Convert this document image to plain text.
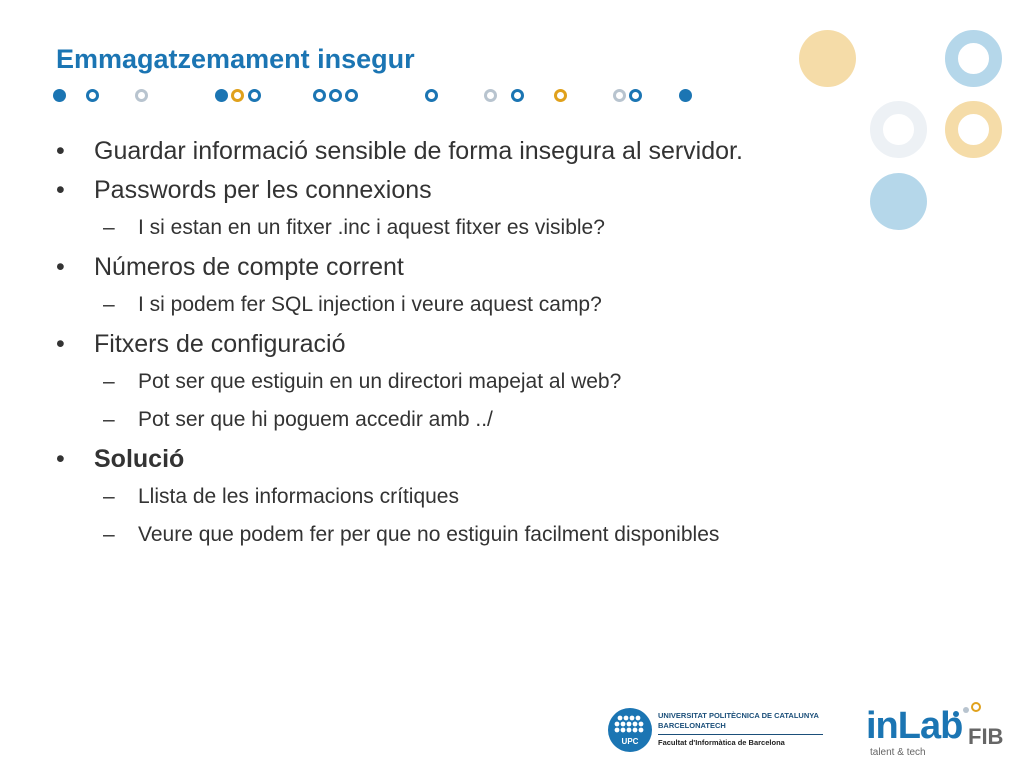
Emmagatzemament insegur
• Guardar informació sensible de forma insegura al servidor.
• Passwords per les connexions
– I si estan en un fitxer .inc i aquest fitxer es visible?
• Números de compte corrent
– I si podem fer SQL injection i veure aquest camp?
• Fitxers de configuració
– Pot ser que estiguin en un directori mapejat al web?
– Pot ser que hi poguem accedir amb ../
• Solució
– Llista de les informacions crítiques
– Veure que podem fer per que no estiguin facilment disponibles
UPC
UNIVERSITAT POLITÈCNICA DE CATALUNYA
BARCELONATECH
Facultat d'Informàtica de Barcelona inLab FIB
talent & tech
